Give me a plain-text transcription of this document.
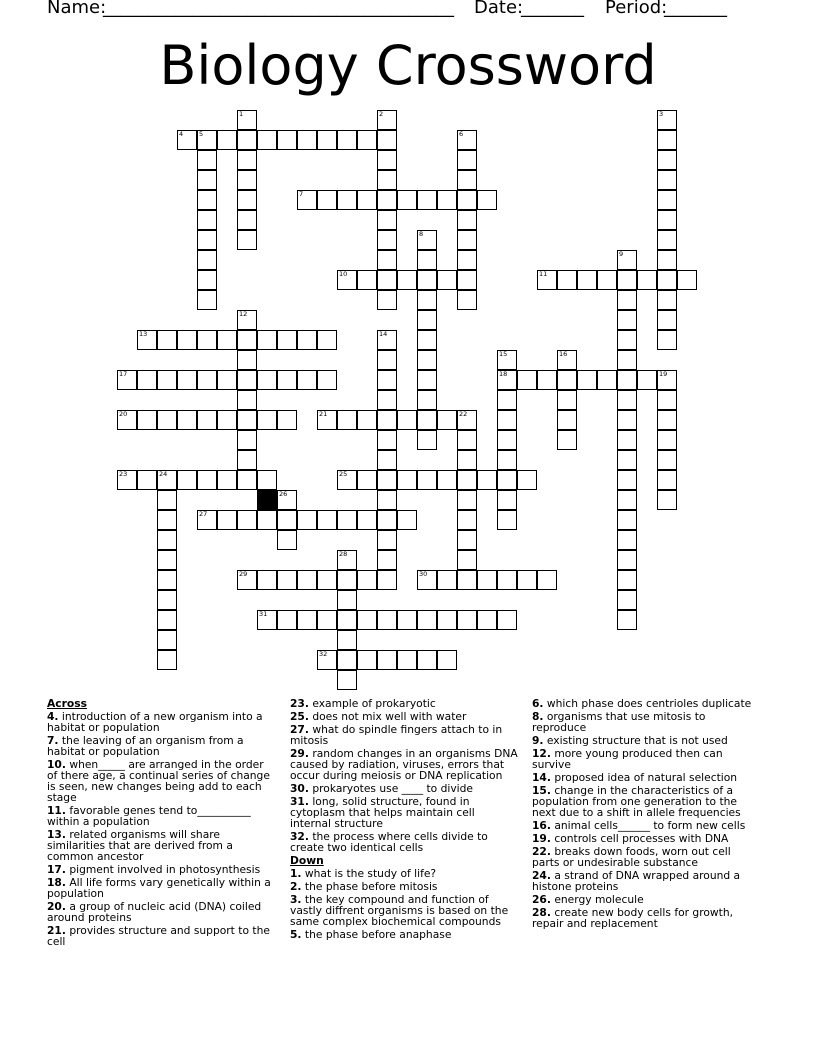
Name:
_______________________________________ Date:
_______ Period:
_______
Biology Crossword
4 5
7
10	11
13
17	18	19
20	21	22
23	24	25
27
29	30
31
32
1	2	3
6
8
9
12
14
15	16
26
28
Across
4. introduction of a new organism into a habitat or population
7. the leaving of an organism from a habitat or population
10. when_____ are arranged in the order of there age, a continual series of change is seen, new changes being add to each stage
11. favorable genes tend to__________ within a population
13. related organisms will share similarities that are derived from a common ancestor
17. pigment involved in photosynthesis
18. All life forms vary genetically within a population
20. a group of nucleic acid (DNA) coiled around proteins
21. provides structure and support to the cell
23. example of prokaryotic
25. does not mix well with water
27. what do spindle fingers attach to in mitosis
29. random changes in an organisms DNA caused by radiation, viruses, errors that occur during meiosis or DNA replication
30. prokaryotes use ____ to divide
31. long, solid structure, found in cytoplasm that helps maintain cell internal structure
32. the process where cells divide to create two identical cells
Down
1. what is the study of life?
2. the phase before mitosis
3. the key compound and function of vastly diffrent organisms is based on the same complex biochemical compounds
5. the phase before anaphase
6. which phase does centrioles duplicate
8. organisms that use mitosis to reproduce
9. existing structure that is not used
12. more young produced then can survive
14. proposed idea of natural selection
15. change in the characteristics of a population from one generation to the next due to a shift in allele frequencies
16. animal cells______ to form new cells
19. controls cell processes with DNA
22. breaks down foods, worn out cell parts or undesirable substance
24. a strand of DNA wrapped around a histone proteins
26. energy molecule
28. create new body cells for growth, repair and replacement
